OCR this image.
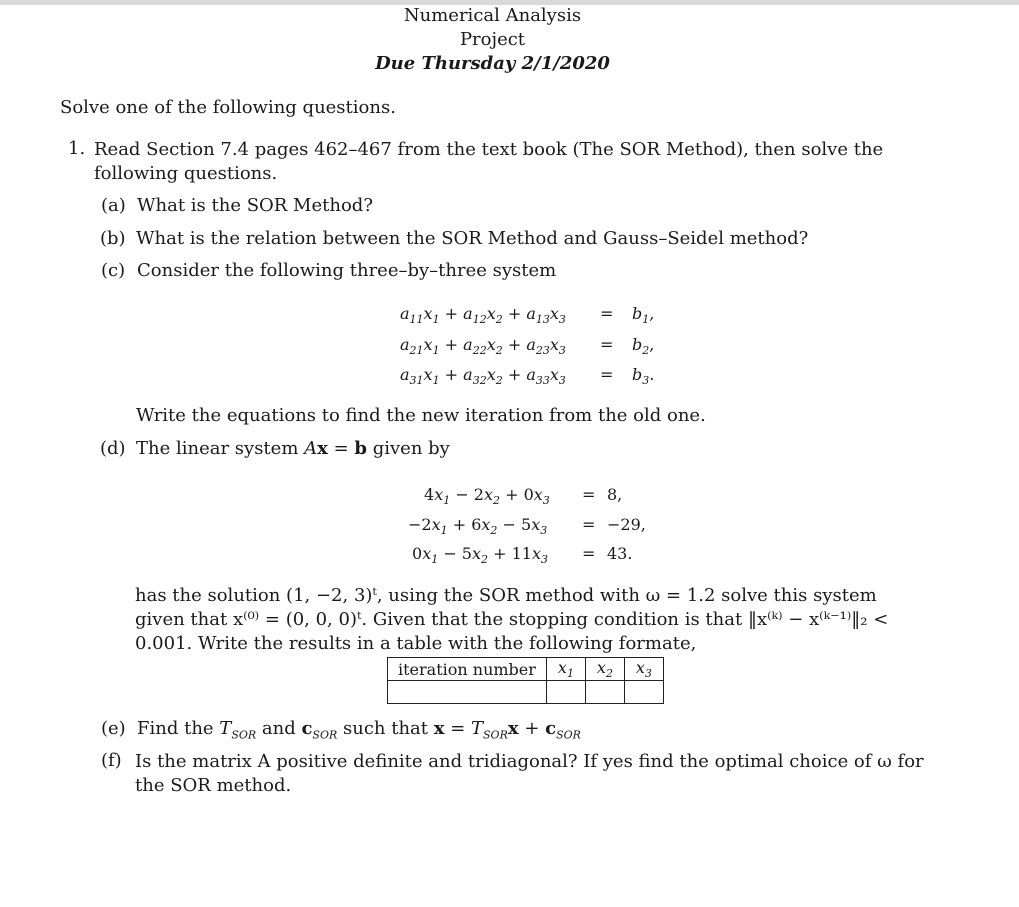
Numerical Analysis
Project
Due Thursday 2/1/2020
Solve one of the following questions.
1. Read Section 7.4 pages 462–467 from the text book (The SOR Method), then solve the following questions.
(a) What is the SOR Method?
(b) What is the relation between the SOR Method and Gauss–Seidel method?
(c) Consider the following three–by–three system
$a_{11}x_1 + a_{12}x_2 + a_{13}x_3 = b_1$,
$a_{21}x_1 + a_{22}x_2 + a_{23}x_3 = b_2$,
$a_{31}x_1 + a_{32}x_2 + a_{33}x_3 = b_3$.
Write the equations to find the new iteration from the old one.
(d) The linear system Ax = b given by
$4x_1 - 2x_2 + 0x_3 = 8$,
$-2x_1 + 6x_2 - 5x_3 = -29$,
$0x_1 - 5x_2 + 11x_3 = 43$.
has the solution (1, −2, 3)ᵗ, using the SOR method with ω = 1.2 solve this system given that x⁽⁰⁾ = (0, 0, 0)ᵗ. Given that the stopping condition is that ‖x⁽ᵏ⁾ − x⁽ᵏ⁻¹⁾‖₂ < 0.001. Write the results in a table with the following formate,
iteration number	$x_1$	$x_2$	$x_3$

(e) Find the $T_{SOR}$ and $c_{SOR}$ such that $x = T_{SOR}x + c_{SOR}$
(f) Is the matrix A positive definite and tridiagonal? If yes find the optimal choice of ω for the SOR method.
